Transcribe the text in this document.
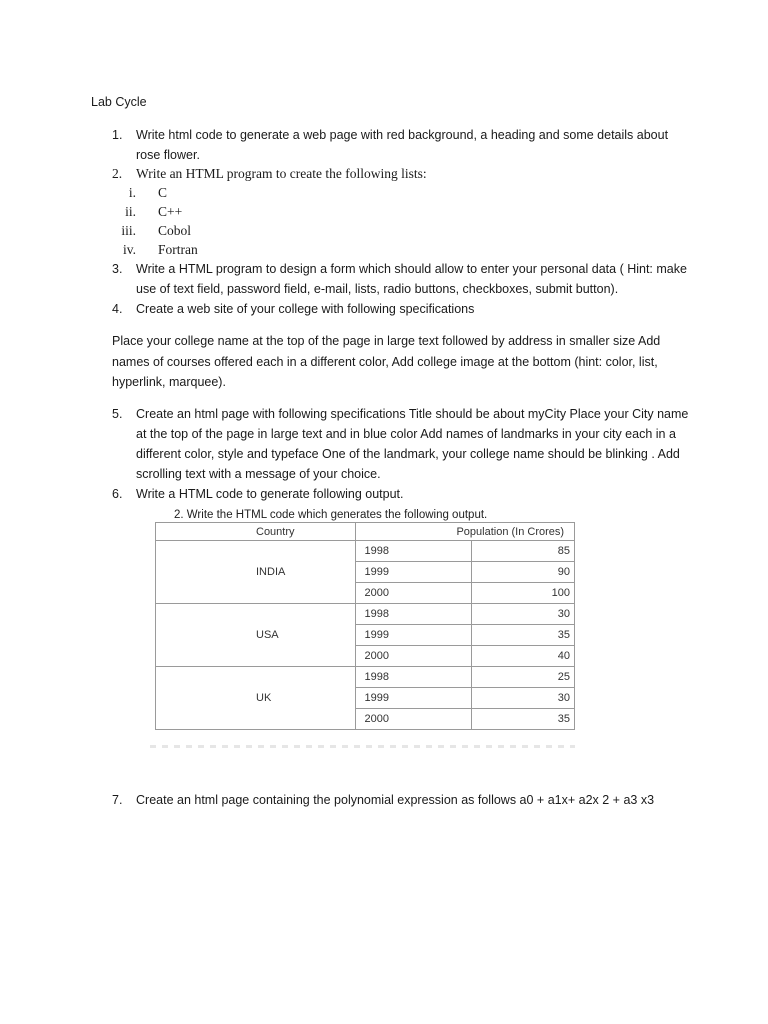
Lab Cycle
1.	Write html code to generate a web page with red background, a heading and some details about rose flower.
2.	Write an HTML program to create the following lists:
i. C
ii. C++
iii. Cobol
iv. Fortran
3.	Write a HTML program to design a form which should allow to enter your personal data ( Hint: make use of text field, password field, e-mail, lists, radio buttons, checkboxes, submit button).
4.	Create a web site of your college with following specifications
Place your college name at the top of the page in large text followed by address in smaller size Add names of courses offered each in a different color, Add college image at the bottom (hint: color, list, hyperlink, marquee).
5.	Create an html page with following specifications Title should be about myCity Place your City name at the top of the page in large text and in blue color Add names of landmarks in your city each in a different color, style and typeface One of the landmark, your college name should be blinking . Add scrolling text with a message of your choice.
6.	Write a HTML code to generate following output.
2. Write the HTML code which generates the following output.
Country	Population (In Crores)	
INDIA	1998	85
	1999	90
	2000	100
USA	1998	30
	1999	35
	2000	40
UK	1998	25
	1999	30
	2000	35
7.	Create an html page containing the polynomial expression as follows a0 + a1x+ a2x 2 + a3 x3
